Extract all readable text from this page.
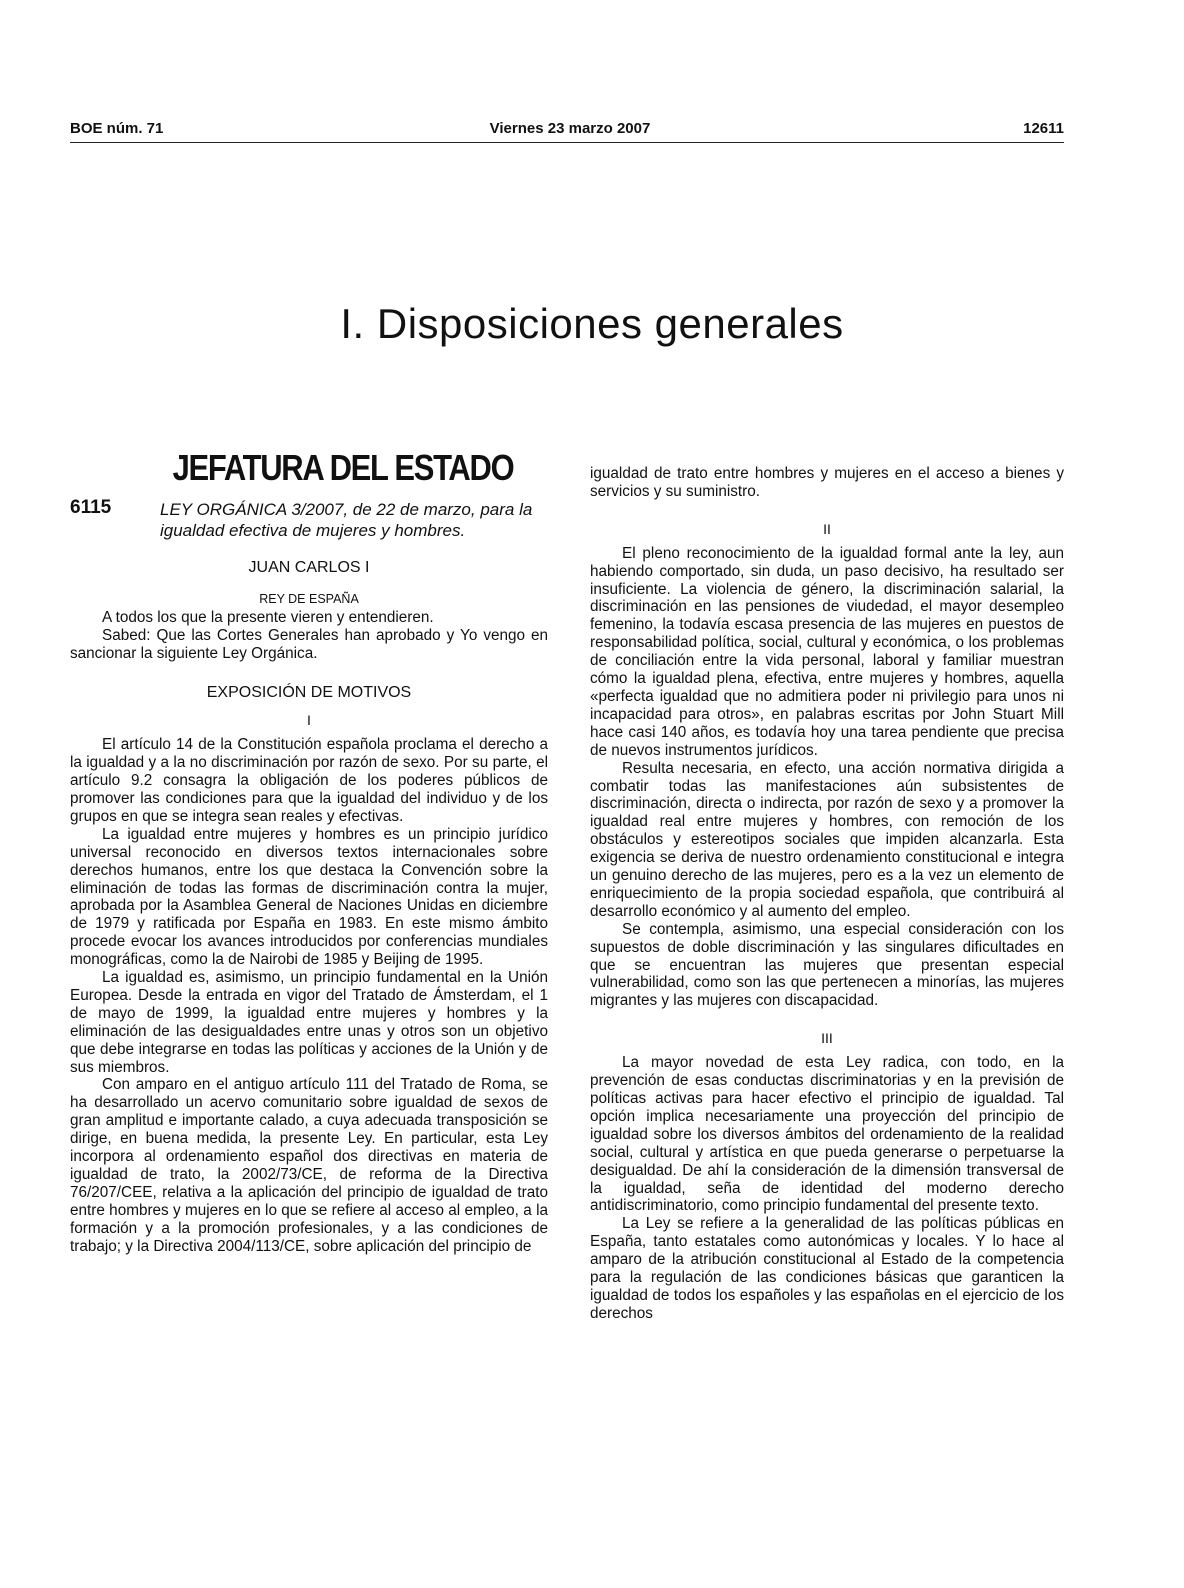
BOE núm. 71	Viernes 23 marzo 2007	12611
I. Disposiciones generales
JEFATURA DEL ESTADO
6115	LEY ORGÁNICA 3/2007, de 22 de marzo, para la igualdad efectiva de mujeres y hombres.
JUAN CARLOS I
REY DE ESPAÑA

A todos los que la presente vieren y entendieren.

Sabed: Que las Cortes Generales han aprobado y Yo vengo en sancionar la siguiente Ley Orgánica.

EXPOSICIÓN DE MOTIVOS
I

El artículo 14 de la Constitución española proclama el derecho a la igualdad y a la no discriminación por razón de sexo. Por su parte, el artículo 9.2 consagra la obligación de los poderes públicos de promover las condiciones para que la igualdad del individuo y de los grupos en que se integra sean reales y efectivas.

La igualdad entre mujeres y hombres es un principio jurídico universal reconocido en diversos textos internacionales sobre derechos humanos, entre los que destaca la Convención sobre la eliminación de todas las formas de discriminación contra la mujer, aprobada por la Asamblea General de Naciones Unidas en diciembre de 1979 y ratificada por España en 1983. En este mismo ámbito procede evocar los avances introducidos por conferencias mundiales monográficas, como la de Nairobi de 1985 y Beijing de 1995.

La igualdad es, asimismo, un principio fundamental en la Unión Europea. Desde la entrada en vigor del Tratado de Ámsterdam, el 1 de mayo de 1999, la igualdad entre mujeres y hombres y la eliminación de las desigualdades entre unas y otros son un objetivo que debe integrarse en todas las políticas y acciones de la Unión y de sus miembros.

Con amparo en el antiguo artículo 111 del Tratado de Roma, se ha desarrollado un acervo comunitario sobre igualdad de sexos de gran amplitud e importante calado, a cuya adecuada transposición se dirige, en buena medida, la presente Ley. En particular, esta Ley incorpora al ordenamiento español dos directivas en materia de igualdad de trato, la 2002/73/CE, de reforma de la Directiva 76/207/CEE, relativa a la aplicación del principio de igualdad de trato entre hombres y mujeres en lo que se refiere al acceso al empleo, a la formación y a la promoción profesionales, y a las condiciones de trabajo; y la Directiva 2004/113/CE, sobre aplicación del principio de

igualdad de trato entre hombres y mujeres en el acceso a bienes y servicios y su suministro.

II

El pleno reconocimiento de la igualdad formal ante la ley, aun habiendo comportado, sin duda, un paso decisivo, ha resultado ser insuficiente. La violencia de género, la discriminación salarial, la discriminación en las pensiones de viudedad, el mayor desempleo femenino, la todavía escasa presencia de las mujeres en puestos de responsabilidad política, social, cultural y económica, o los problemas de conciliación entre la vida personal, laboral y familiar muestran cómo la igualdad plena, efectiva, entre mujeres y hombres, aquella «perfecta igualdad que no admitiera poder ni privilegio para unos ni incapacidad para otros», en palabras escritas por John Stuart Mill hace casi 140 años, es todavía hoy una tarea pendiente que precisa de nuevos instrumentos jurídicos.

Resulta necesaria, en efecto, una acción normativa dirigida a combatir todas las manifestaciones aún subsistentes de discriminación, directa o indirecta, por razón de sexo y a promover la igualdad real entre mujeres y hombres, con remoción de los obstáculos y estereotipos sociales que impiden alcanzarla. Esta exigencia se deriva de nuestro ordenamiento constitucional e integra un genuino derecho de las mujeres, pero es a la vez un elemento de enriquecimiento de la propia sociedad española, que contribuirá al desarrollo económico y al aumento del empleo.

Se contempla, asimismo, una especial consideración con los supuestos de doble discriminación y las singulares dificultades en que se encuentran las mujeres que presentan especial vulnerabilidad, como son las que pertenecen a minorías, las mujeres migrantes y las mujeres con discapacidad.

III

La mayor novedad de esta Ley radica, con todo, en la prevención de esas conductas discriminatorias y en la previsión de políticas activas para hacer efectivo el principio de igualdad. Tal opción implica necesariamente una proyección del principio de igualdad sobre los diversos ámbitos del ordenamiento de la realidad social, cultural y artística en que pueda generarse o perpetuarse la desigualdad. De ahí la consideración de la dimensión transversal de la igualdad, seña de identidad del moderno derecho antidiscriminatorio, como principio fundamental del presente texto.

La Ley se refiere a la generalidad de las políticas públicas en España, tanto estatales como autonómicas y locales. Y lo hace al amparo de la atribución constitucional al Estado de la competencia para la regulación de las condiciones básicas que garanticen la igualdad de todos los españoles y las españolas en el ejercicio de los derechos
